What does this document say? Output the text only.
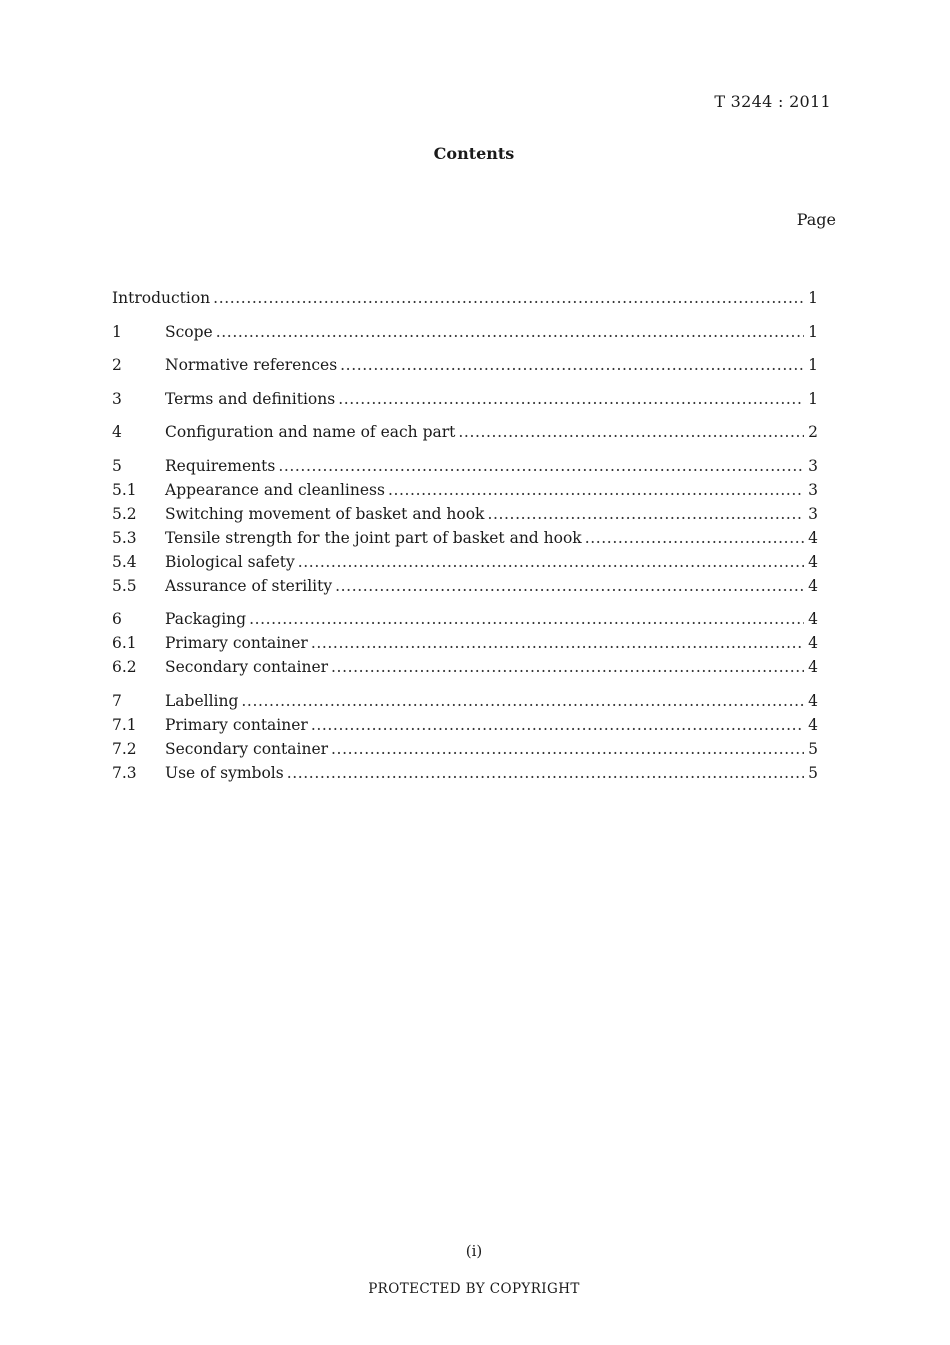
T 3244 : 2011
Contents
Page
Introduction .....	1
1	Scope .....	1
2	Normative references .....	1
3	Terms and definitions .....	1
4	Configuration and name of each part .....	2
5	Requirements .....	3
5.1	Appearance and cleanliness .....	3
5.2	Switching movement of basket and hook .....	3
5.3	Tensile strength for the joint part of basket and hook .....	4
5.4	Biological safety .....	4
5.5	Assurance of sterility .....	4
6	Packaging .....	4
6.1	Primary container .....	4
6.2	Secondary container .....	4
7	Labelling .....	4
7.1	Primary container .....	4
7.2	Secondary container .....	5
7.3	Use of symbols .....	5
(i)
PROTECTED BY COPYRIGHT
